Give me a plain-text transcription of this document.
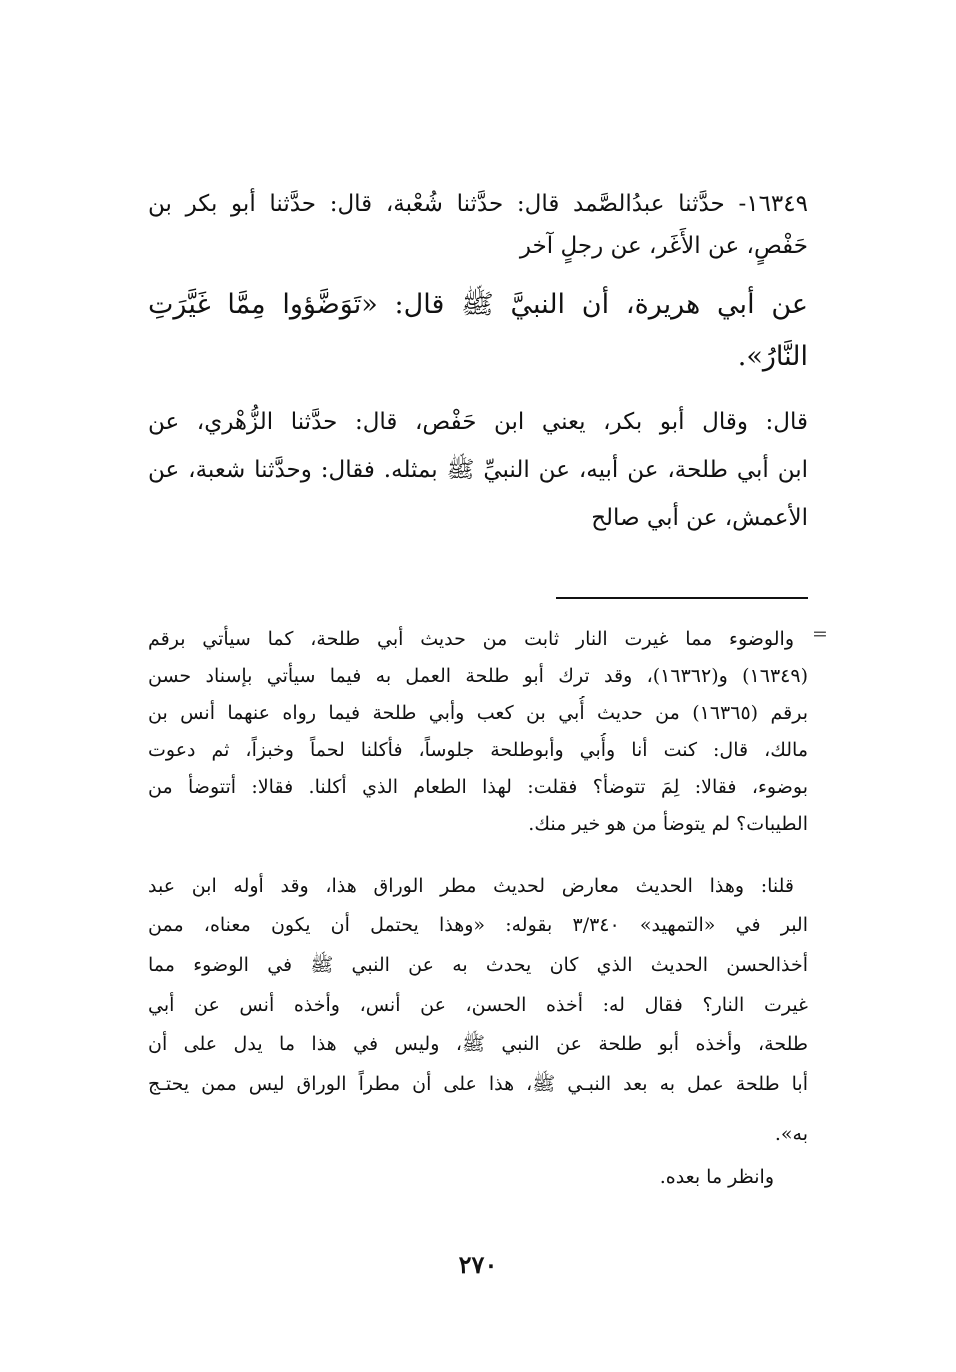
١٦٣٤٩- حدَّثنا عبدُالصَّمد قال: حدَّثنا شُعْبة، قال: حدَّثنا أبو بكر بن
حَفْصٍ، عن الأَغَر، عن رجلٍ آخر
عن أبي هريرة، أن النبيَّ ﷺ قال: «تَوَضَّؤوا مِمَّا غَيَّرَتِ
النَّارُ».
قال: وقال أبو بكر، يعني ابن حَفْص، قال: حدَّثنا الزُّهْري، عن
ابن أبي طلحة، عن أبيه، عن النبيِّ ﷺ بمثله. فقال: وحدَّثنا شعبة، عن
الأعمش، عن أبي صالح
=
والوضوء مما غيرت النار ثابت من حديث أبي طلحة، كما سيأتي برقم
(١٦٣٤٩) و(١٦٣٦٢)، وقد ترك أبو طلحة العمل به فيما سيأتي بإسناد حسن
برقم (١٦٣٦٥) من حديث أُبي بن كعب وأبي طلحة فيما رواه عنهما أنس بن
مالك، قال: كنت أنا وأُبي وأبوطلحة جلوساً، فأكلنا لحماً وخبزاً، ثم دعوت
بوضوء، فقالا: لِمَ تتوضأ؟ فقلت: لهذا الطعام الذي أكلنا. فقالا: أتتوضأ من
الطيبات؟ لم يتوضأ من هو خير منك.
قلنا: وهذا الحديث معارض لحديث مطر الوراق هذا، وقد أوله ابن عبد
البر في «التمهيد» ٣/٣٤٠ بقوله: «وهذا يحتمل أن يكون معناه، ممن
أخذالحسن الحديث الذي كان يحدث به عن النبي ﷺ في الوضوء مما
غيرت النار؟ فقال له: أخذه الحسن، عن أنس، وأخذه أنس عن أبي
طلحة، وأخذه أبو طلحة عن النبي ﷺ، وليس في هذا ما يدل على أن
أبا طلحة عمل به بعد النبـي ﷺ، هذا على أن مطراً الوراق ليس ممن يحتـج
به».
وانظر ما بعده.
٢٧٠
